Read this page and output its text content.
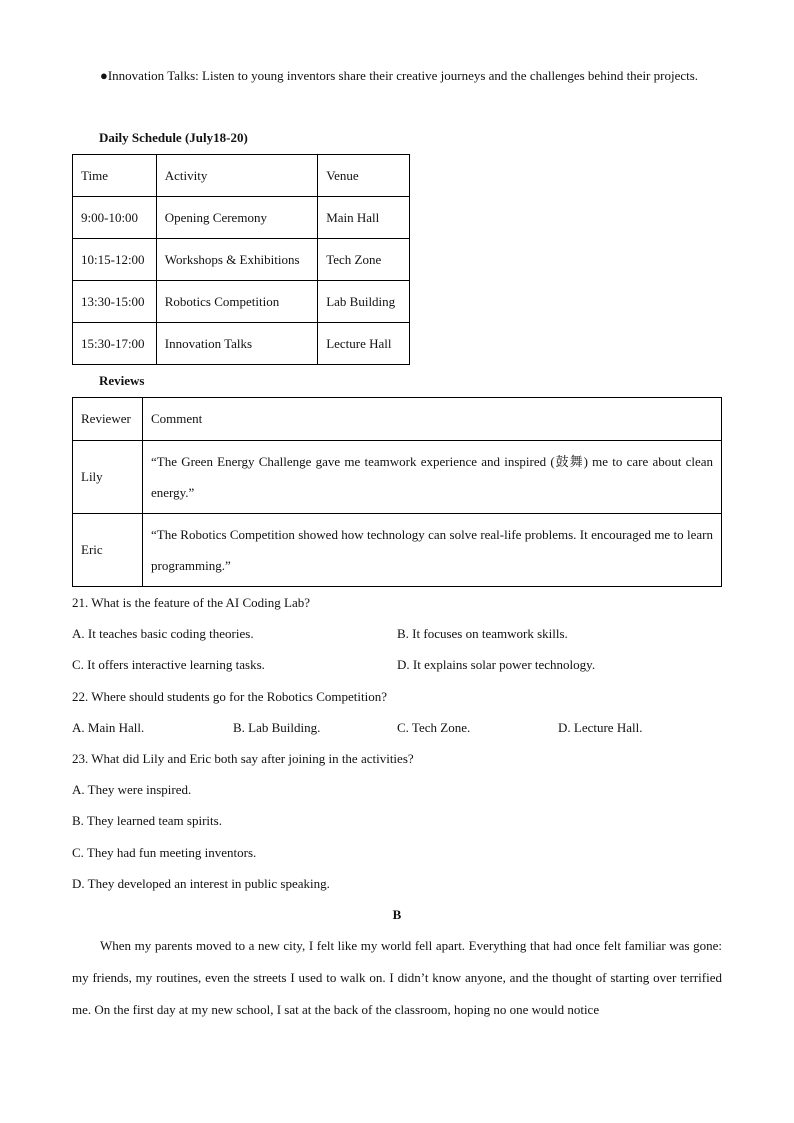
●Innovation Talks: Listen to young inventors share their creative journeys and the challenges behind their projects.

Daily Schedule (July18-20)

Time	Activity	Venue
9:00-10:00	Opening Ceremony	Main Hall
10:15-12:00	Workshops & Exhibitions	Tech Zone
13:30-15:00	Robotics Competition	Lab Building
15:30-17:00	Innovation Talks	Lecture Hall

Reviews

Reviewer	Comment
Lily	“The Green Energy Challenge gave me teamwork experience and inspired (鼓舞) me to care about clean energy.”
Eric	“The Robotics Competition showed how technology can solve real-life problems. It encouraged me to learn programming.”

21. What is the feature of the AI Coding Lab?

A. It teaches basic coding theories.	B. It focuses on teamwork skills.

C. It offers interactive learning tasks.	D. It explains solar power technology.

22. Where should students go for the Robotics Competition?

A. Main Hall.	B. Lab Building.	C. Tech Zone.	D. Lecture Hall.

23. What did Lily and Eric both say after joining in the activities?

A. They were inspired.

B. They learned team spirits.

C. They had fun meeting inventors.

D. They developed an interest in public speaking.

B

When my parents moved to a new city, I felt like my world fell apart. Everything that had once felt familiar was gone: my friends, my routines, even the streets I used to walk on. I didn’t know anyone, and the thought of starting over terrified me. On the first day at my new school, I sat at the back of the classroom, hoping no one would notice
